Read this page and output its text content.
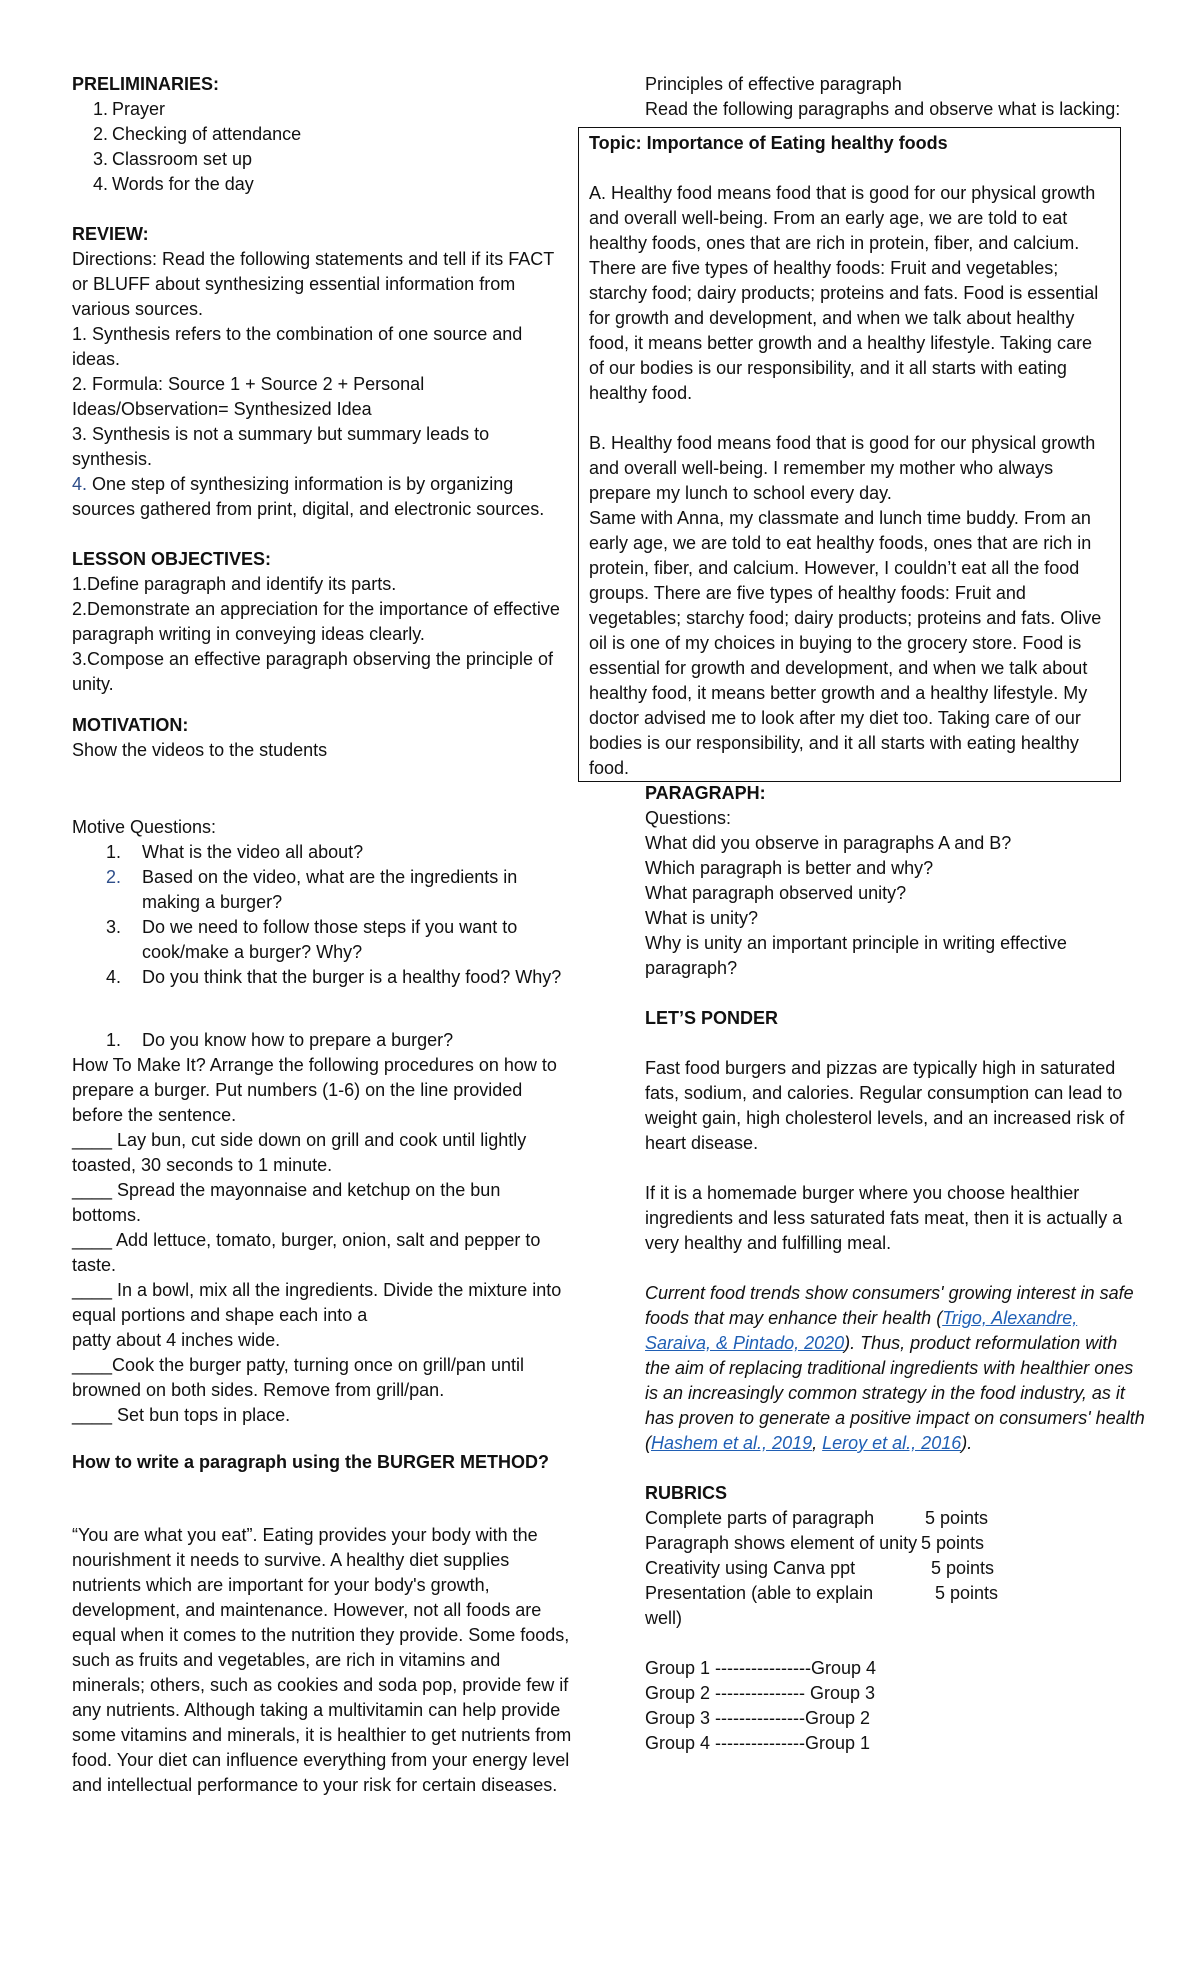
PRELIMINARIES:

1. Prayer

2. Checking of attendance

3. Classroom set up

4. Words for the day

REVIEW:

Directions: Read the following statements and tell if its FACT

or BLUFF about synthesizing essential information from

various sources.

1. Synthesis refers to the combination of one source and

ideas.

2. Formula: Source 1 + Source 2 + Personal

Ideas/Observation= Synthesized Idea

3. Synthesis is not a summary but summary leads to synthesis.

4. One step of synthesizing information is by organizing

sources gathered from print, digital, and electronic sources.

LESSON OBJECTIVES:

1.Define paragraph and identify its parts.

2.Demonstrate an appreciation for the importance of effective

paragraph writing in conveying ideas clearly.

3.Compose an effective paragraph observing the principle of

unity.

MOTIVATION:

Show the videos to the students

Motive Questions:

1.	What is the video all about?

2.	Based on the video, what are the ingredients in

making a burger?

3.	Do we need to follow those steps if you want to

cook/make a burger? Why?

4.	Do you think that the burger is a healthy food? Why?

1.	Do you know how to prepare a burger?

How To Make It? Arrange the following procedures on how to

prepare a burger. Put numbers (1-6) on the line provided

before the sentence.

____ Lay bun, cut side down on grill and cook until lightly

toasted, 30 seconds to 1 minute.

____ Spread the mayonnaise and ketchup on the bun bottoms.

____ Add lettuce, tomato, burger, onion, salt and pepper to

taste.

____ In a bowl, mix all the ingredients. Divide the mixture into

equal portions and shape each into a

patty about 4 inches wide.

____Cook the burger patty, turning once on grill/pan until

browned on both sides. Remove from grill/pan.

____ Set bun tops in place.

How to write a paragraph using the BURGER METHOD?

“You are what you eat”. Eating provides your body with the

nourishment it needs to survive. A healthy diet supplies

nutrients which are important for your body's growth,

development, and maintenance. However, not all foods are

equal when it comes to the nutrition they provide. Some foods,

such as fruits and vegetables, are rich in vitamins and

minerals; others, such as cookies and soda pop, provide few if

any nutrients. Although taking a multivitamin can help provide

some vitamins and minerals, it is healthier to get nutrients from

food. Your diet can influence everything from your energy level

and intellectual performance to your risk for certain diseases.

Principles of effective paragraph

Read the following paragraphs and observe what is lacking:

Topic: Importance of Eating healthy foods

A. Healthy food means food that is good for our physical growth

and overall well-being. From an early age, we are told to eat

healthy foods, ones that are rich in protein, fiber, and calcium.

There are five types of healthy foods: Fruit and vegetables;

starchy food; dairy products; proteins and fats. Food is essential

for growth and development, and when we talk about healthy

food, it means better growth and a healthy lifestyle. Taking care

of our bodies is our responsibility, and it all starts with eating

healthy food.

B. Healthy food means food that is good for our physical growth

and overall well-being. I remember my mother who always

prepare my lunch to school every day.

Same with Anna, my classmate and lunch time buddy. From an

early age, we are told to eat healthy foods, ones that are rich in

protein, fiber, and calcium. However, I couldn’t eat all the food

groups. There are five types of healthy foods: Fruit and

vegetables; starchy food; dairy products; proteins and fats. Olive

oil is one of my choices in buying to the grocery store. Food is

essential for growth and development, and when we talk about

healthy food, it means better growth and a healthy lifestyle. My

doctor advised me to look after my diet too. Taking care of our

bodies is our responsibility, and it all starts with eating healthy

food.

PARAGRAPH:

Questions:

What did you observe in paragraphs A and B?

Which paragraph is better and why?

What paragraph observed unity?

What is unity?

Why is unity an important principle in writing effective

paragraph?

LET’S PONDER

Fast food burgers and pizzas are typically high in saturated

fats, sodium, and calories. Regular consumption can lead to

weight gain, high cholesterol levels, and an increased risk of

heart disease.

If it is a homemade burger where you choose healthier

ingredients and less saturated fats meat, then it is actually a

very healthy and fulfilling meal.

Current food trends show consumers' growing interest in safe

foods that may enhance their health (Trigo, Alexandre,

Saraiva, & Pintado, 2020). Thus, product reformulation with

the aim of replacing traditional ingredients with healthier ones

is an increasingly common strategy in the food industry, as it

has proven to generate a positive impact on consumers' health

(Hashem et al., 2019, Leroy et al., 2016).

RUBRICS

Complete parts of paragraph	5 points
Paragraph shows element of unity 5 points
Creativity using Canva ppt	5 points
Presentation (able to explain	5 points

well)

Group 1 ----------------Group 4

Group 2 --------------- Group 3

Group 3 ---------------Group 2

Group 4 ---------------Group 1
